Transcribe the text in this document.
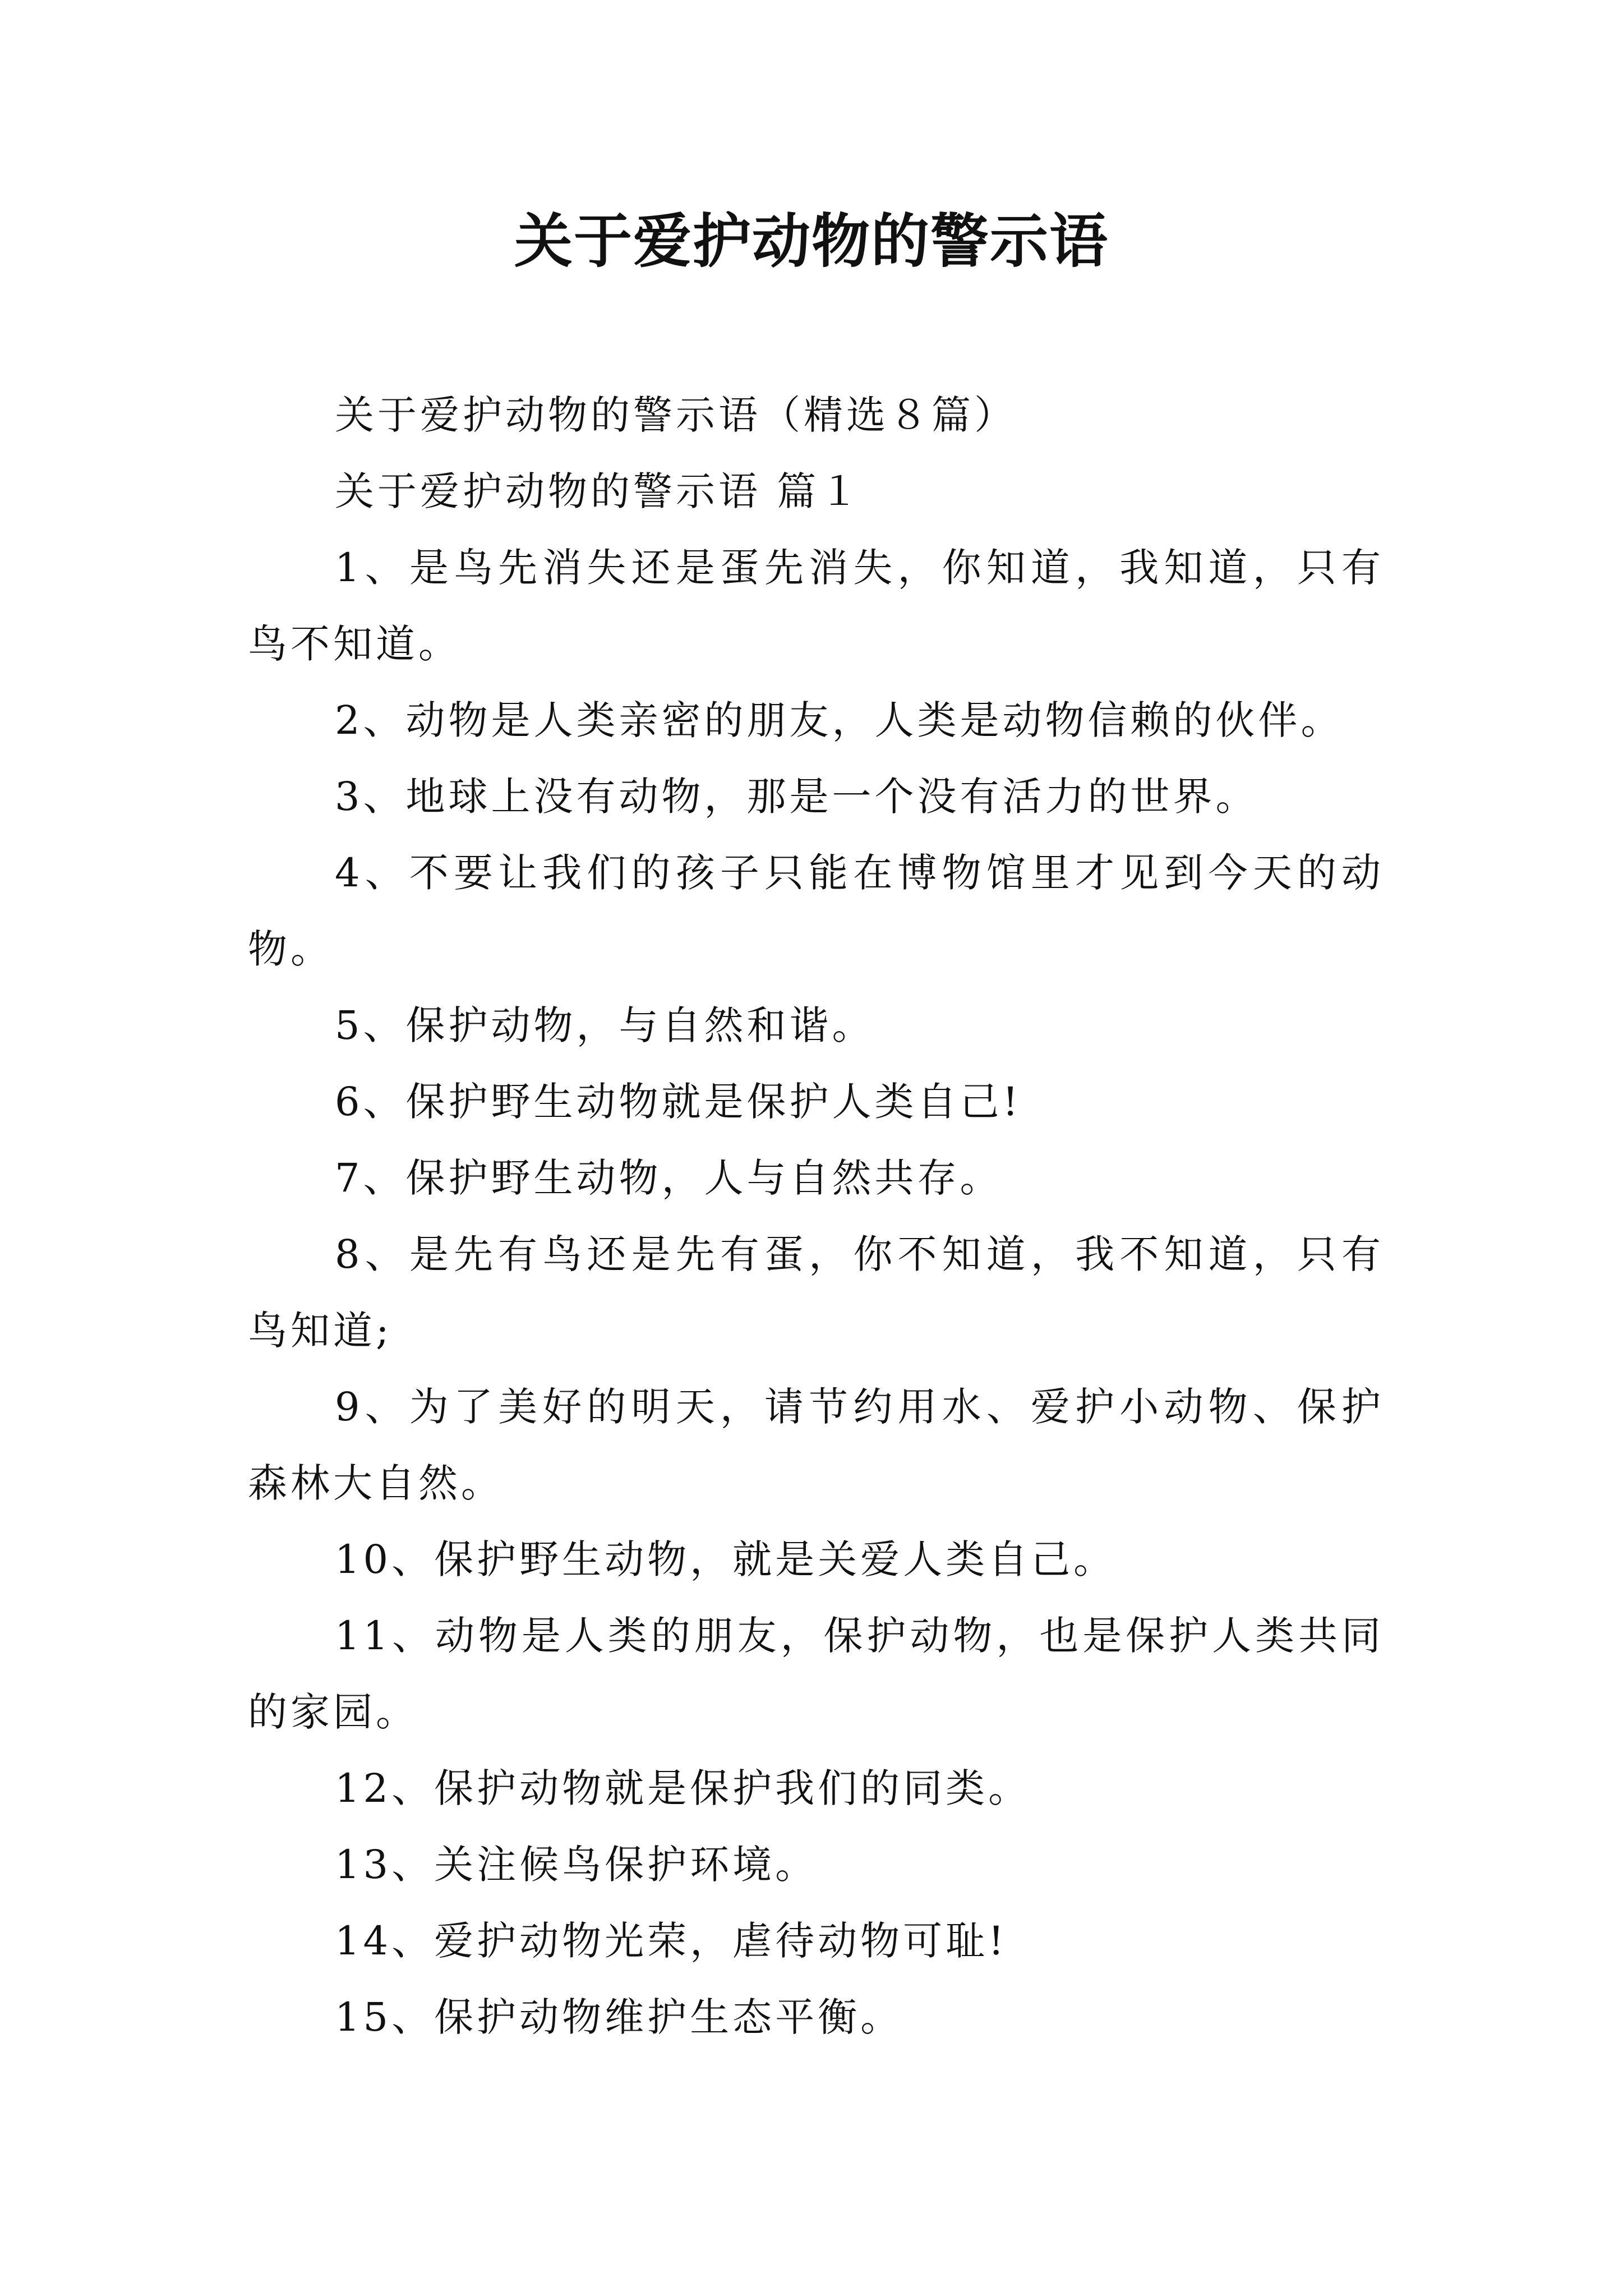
关于爱护动物的警示语

关于爱护动物的警示语（精选８篇）

关于爱护动物的警示语 篇１

1、是鸟先消失还是蛋先消失，你知道，我知道，只有鸟不知道。

2、动物是人类亲密的朋友，人类是动物信赖的伙伴。

3、地球上没有动物，那是一个没有活力的世界。

4、不要让我们的孩子只能在博物馆里才见到今天的动物。

5、保护动物，与自然和谐。

6、保护野生动物就是保护人类自己!

7、保护野生动物，人与自然共存。

8、是先有鸟还是先有蛋，你不知道，我不知道，只有鸟知道;

9、为了美好的明天，请节约用水、爱护小动物、保护森林大自然。

10、保护野生动物，就是关爱人类自己。

11、动物是人类的朋友，保护动物，也是保护人类共同的家园。

12、保护动物就是保护我们的同类。

13、关注候鸟保护环境。

14、爱护动物光荣，虐待动物可耻!

15、保护动物维护生态平衡。
